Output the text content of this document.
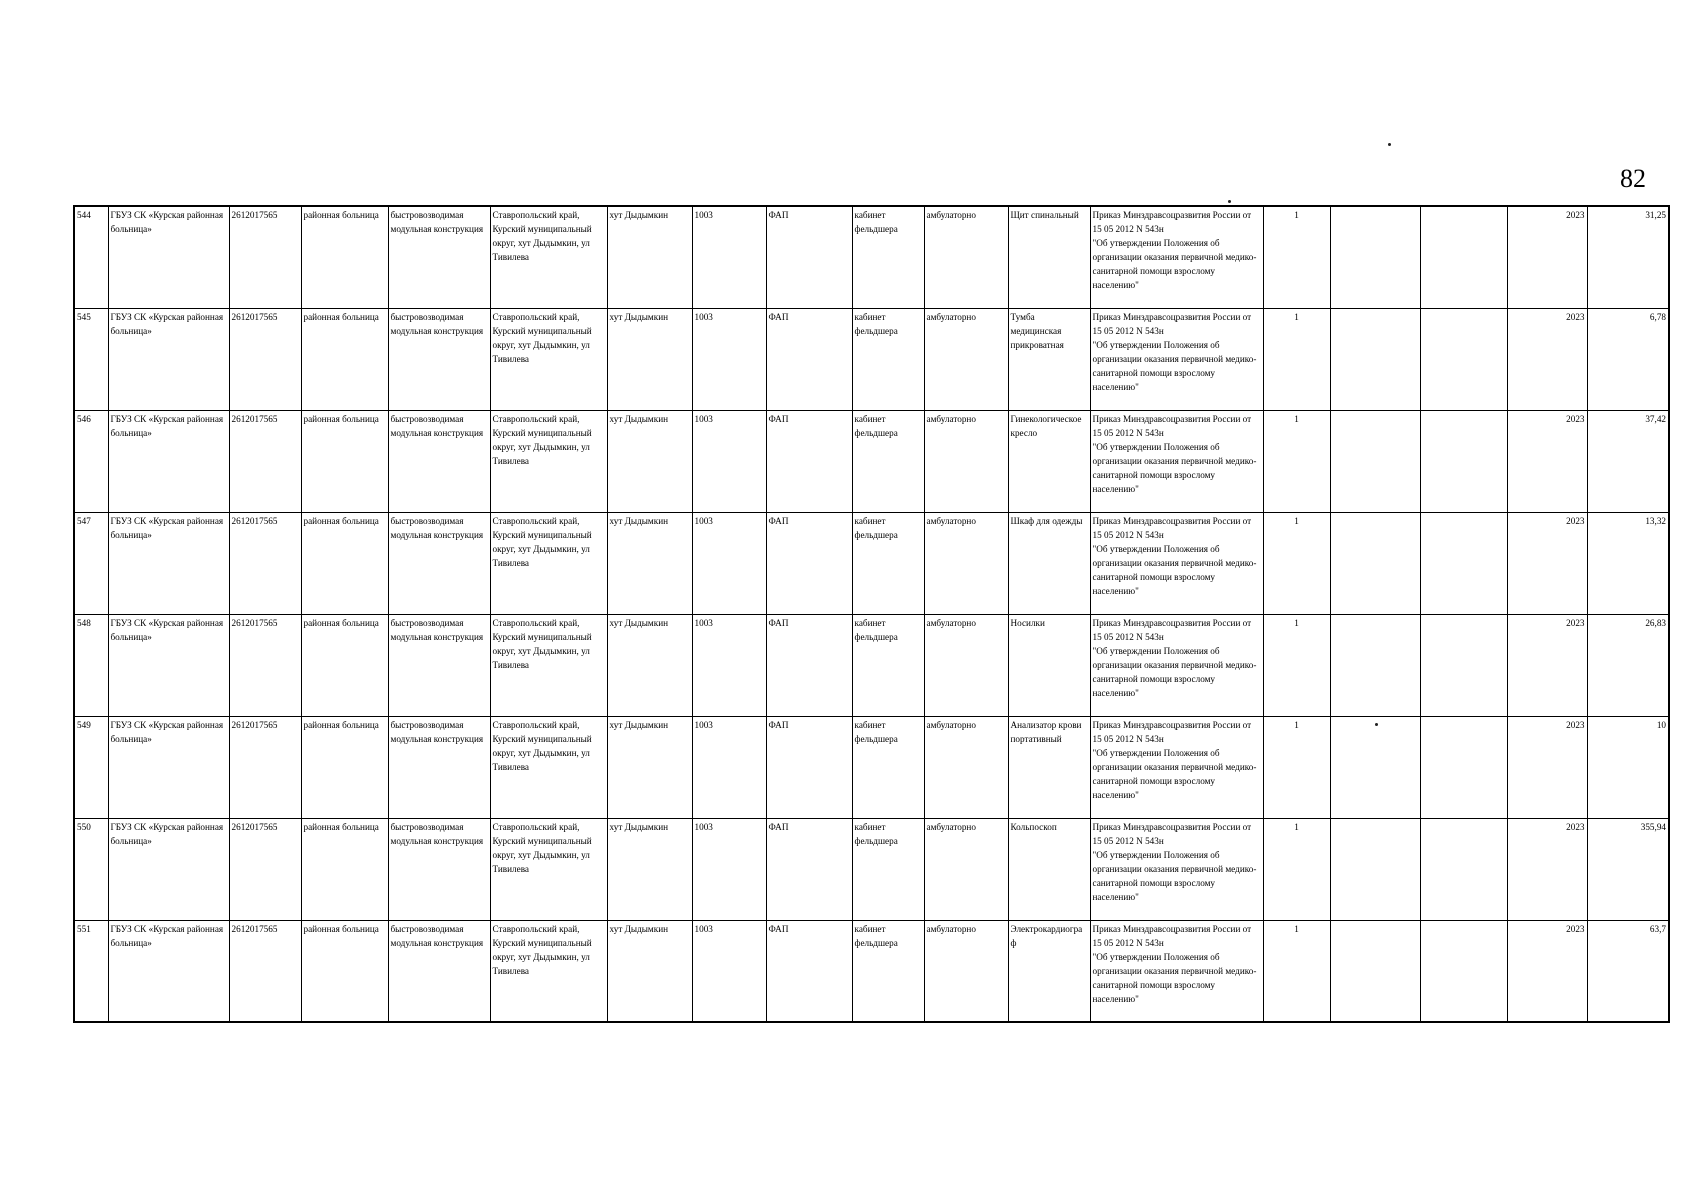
82
544	ГБУЗ СК «Курская районная больница»	2612017565	районная больница	быстровозводимая модульная конструкция	Ставропольский край, Курский муниципальный округ, хут Дыдымкин, ул Тивилева	хут Дыдымкин	1003	ФАП	кабинет фельдшера	амбулаторно	Щит спинальный	Приказ Минздравсоцразвития России от 15 05 2012 N 543н
"Об утверждении Положения об организации оказания первичной медико-санитарной помощи взрослому населению"	1			2023	31,25
545	ГБУЗ СК «Курская районная больница»	2612017565	районная больница	быстровозводимая модульная конструкция	Ставропольский край, Курский муниципальный округ, хут Дыдымкин, ул Тивилева	хут Дыдымкин	1003	ФАП	кабинет фельдшера	амбулаторно	Тумба медицинская прикроватная	Приказ Минздравсоцразвития России от 15 05 2012 N 543н
"Об утверждении Положения об организации оказания первичной медико-санитарной помощи взрослому населению"	1			2023	6,78
546	ГБУЗ СК «Курская районная больница»	2612017565	районная больница	быстровозводимая модульная конструкция	Ставропольский край, Курский муниципальный округ, хут Дыдымкин, ул Тивилева	хут Дыдымкин	1003	ФАП	кабинет фельдшера	амбулаторно	Гинекологическое кресло	Приказ Минздравсоцразвития России от 15 05 2012 N 543н
"Об утверждении Положения об организации оказания первичной медико-санитарной помощи взрослому населению"	1			2023	37,42
547	ГБУЗ СК «Курская районная больница»	2612017565	районная больница	быстровозводимая модульная конструкция	Ставропольский край, Курский муниципальный округ, хут Дыдымкин, ул Тивилева	хут Дыдымкин	1003	ФАП	кабинет фельдшера	амбулаторно	Шкаф для одежды	Приказ Минздравсоцразвития России от 15 05 2012 N 543н
"Об утверждении Положения об организации оказания первичной медико-санитарной помощи взрослому населению"	1			2023	13,32
548	ГБУЗ СК «Курская районная больница»	2612017565	районная больница	быстровозводимая модульная конструкция	Ставропольский край, Курский муниципальный округ, хут Дыдымкин, ул Тивилева	хут Дыдымкин	1003	ФАП	кабинет фельдшера	амбулаторно	Носилки	Приказ Минздравсоцразвития России от 15 05 2012 N 543н
"Об утверждении Положения об организации оказания первичной медико-санитарной помощи взрослому населению"	1			2023	26,83
549	ГБУЗ СК «Курская районная больница»	2612017565	районная больница	быстровозводимая модульная конструкция	Ставропольский край, Курский муниципальный округ, хут Дыдымкин, ул Тивилева	хут Дыдымкин	1003	ФАП	кабинет фельдшера	амбулаторно	Анализатор крови портативный	Приказ Минздравсоцразвития России от 15 05 2012 N 543н
"Об утверждении Положения об организации оказания первичной медико-санитарной помощи взрослому населению"	1			2023	10
550	ГБУЗ СК «Курская районная больница»	2612017565	районная больница	быстровозводимая модульная конструкция	Ставропольский край, Курский муниципальный округ, хут Дыдымкин, ул Тивилева	хут Дыдымкин	1003	ФАП	кабинет фельдшера	амбулаторно	Кольпоскоп	Приказ Минздравсоцразвития России от 15 05 2012 N 543н
"Об утверждении Положения об организации оказания первичной медико-санитарной помощи взрослому населению"	1			2023	355,94
551	ГБУЗ СК «Курская районная больница»	2612017565	районная больница	быстровозводимая модульная конструкция	Ставропольский край, Курский муниципальный округ, хут Дыдымкин, ул Тивилева	хут Дыдымкин	1003	ФАП	кабинет фельдшера	амбулаторно	Электрокардиограф	Приказ Минздравсоцразвития России от 15 05 2012 N 543н
"Об утверждении Положения об организации оказания первичной медико-санитарной помощи взрослому населению"	1			2023	63,7
